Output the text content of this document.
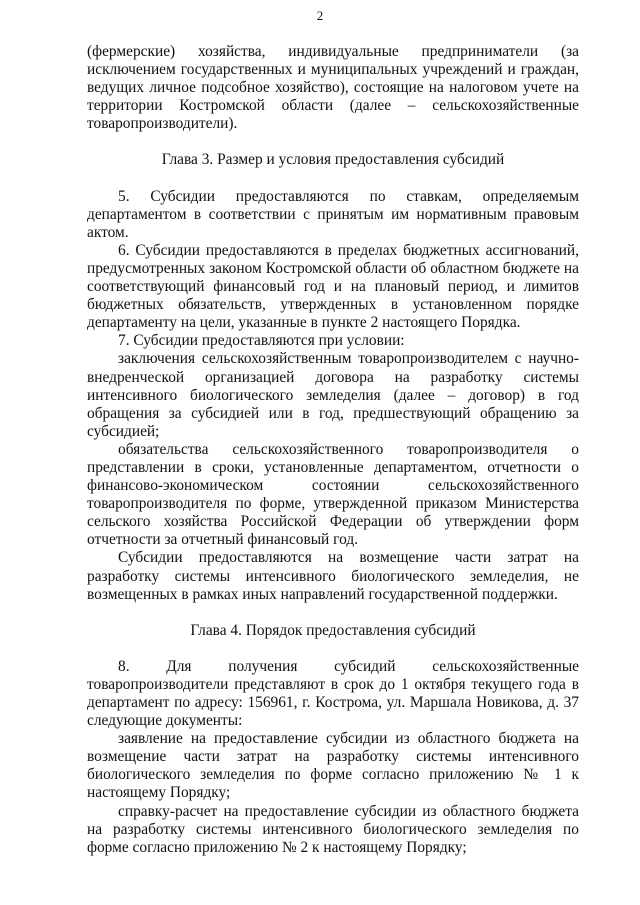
2

(фермерские) хозяйства, индивидуальные предприниматели (за исключением государственных и муниципальных учреждений и граждан, ведущих личное подсобное хозяйство), состоящие на налоговом учете на территории Костромской области (далее – сельскохозяйственные товаропроизводители).

Глава 3. Размер и условия предоставления субсидий

5. Субсидии предоставляются по ставкам, определяемым департаментом в соответствии с принятым им нормативным правовым актом.

6. Субсидии предоставляются в пределах бюджетных ассигнований, предусмотренных законом Костромской области об областном бюджете на соответствующий финансовый год и на плановый период, и лимитов бюджетных обязательств, утвержденных в установленном порядке департаменту на цели, указанные в пункте 2 настоящего Порядка.

7. Субсидии предоставляются при условии:

заключения сельскохозяйственным товаропроизводителем с научно-внедренческой организацией договора на разработку системы интенсивного биологического земледелия (далее – договор) в год обращения за субсидией или в год, предшествующий обращению за субсидией;

обязательства сельскохозяйственного товаропроизводителя о представлении в сроки, установленные департаментом, отчетности о финансово-экономическом состоянии сельскохозяйственного товаропроизводителя по форме, утвержденной приказом Министерства сельского хозяйства Российской Федерации об утверждении форм отчетности за отчетный финансовый год.

Субсидии предоставляются на возмещение части затрат на разработку системы интенсивного биологического земледелия, не возмещенных в рамках иных направлений государственной поддержки.

Глава 4. Порядок предоставления субсидий

8. Для получения субсидий сельскохозяйственные товаропроизводители представляют в срок до 1 октября текущего года в департамент по адресу: 156961, г. Кострома, ул. Маршала Новикова, д. 37 следующие документы:

заявление на предоставление субсидии из областного бюджета на возмещение части затрат на разработку системы интенсивного биологического земледелия по форме согласно приложению № 1 к настоящему Порядку;

справку-расчет на предоставление субсидии из областного бюджета на разработку системы интенсивного биологического земледелия по форме согласно приложению № 2 к настоящему Порядку;
